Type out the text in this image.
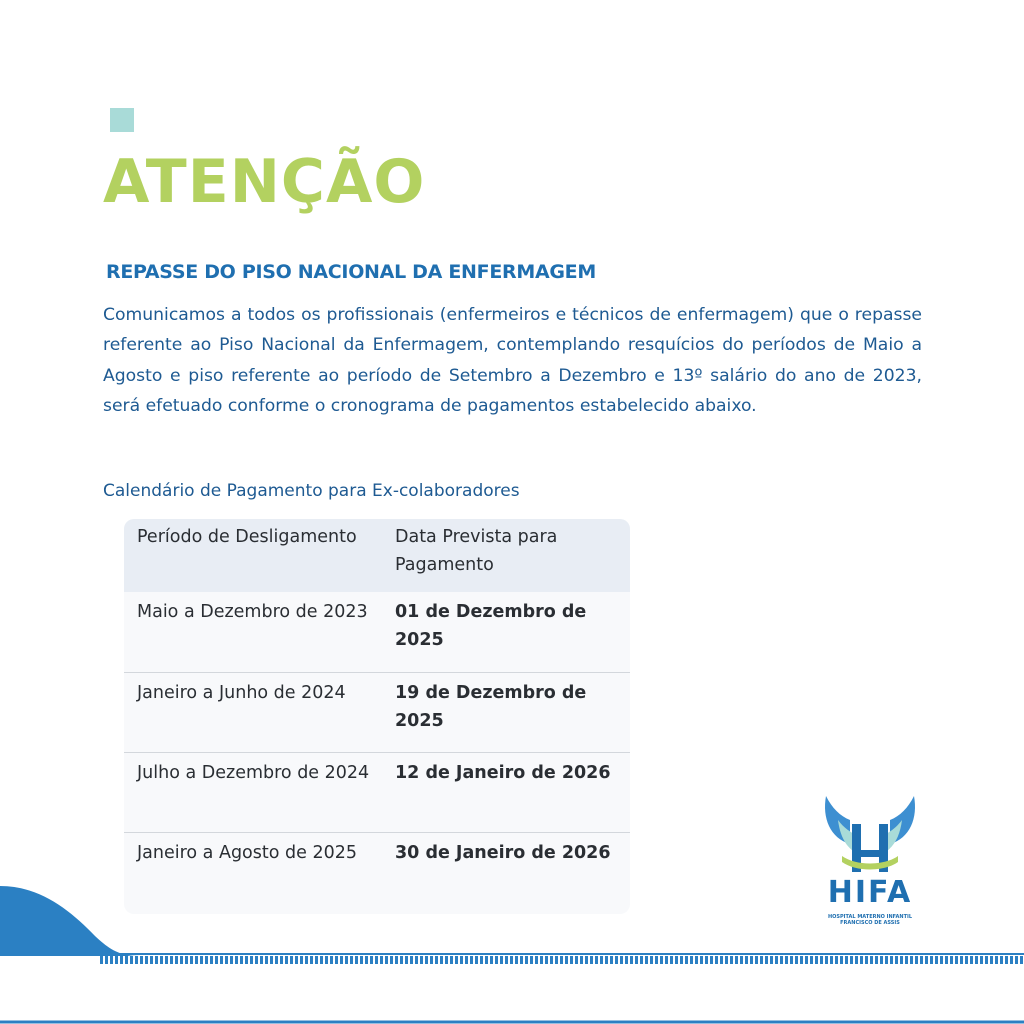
ATENÇÃO
REPASSE DO PISO NACIONAL DA ENFERMAGEM

Comunicamos a todos os profissionais (enfermeiros e técnicos de enfermagem) que o repasse referente ao Piso Nacional da Enfermagem, contemplando resquícios do períodos de Maio a Agosto e piso referente ao período de Setembro a Dezembro e 13º salário do ano de 2023, será efetuado conforme o cronograma de pagamentos estabelecido abaixo.

Calendário de Pagamento para Ex-colaboradores

Período de Desligamento	Data Prevista para Pagamento
Maio a Dezembro de 2023	01 de Dezembro de 2025
Janeiro a Junho de 2024	19 de Dezembro de 2025
Julho a Dezembro de 2024	12 de Janeiro de 2026
Janeiro a Agosto de 2025	30 de Janeiro de 2026
HIFA
HOSPITAL MATERNO INFANTIL
FRANCISCO DE ASSIS
